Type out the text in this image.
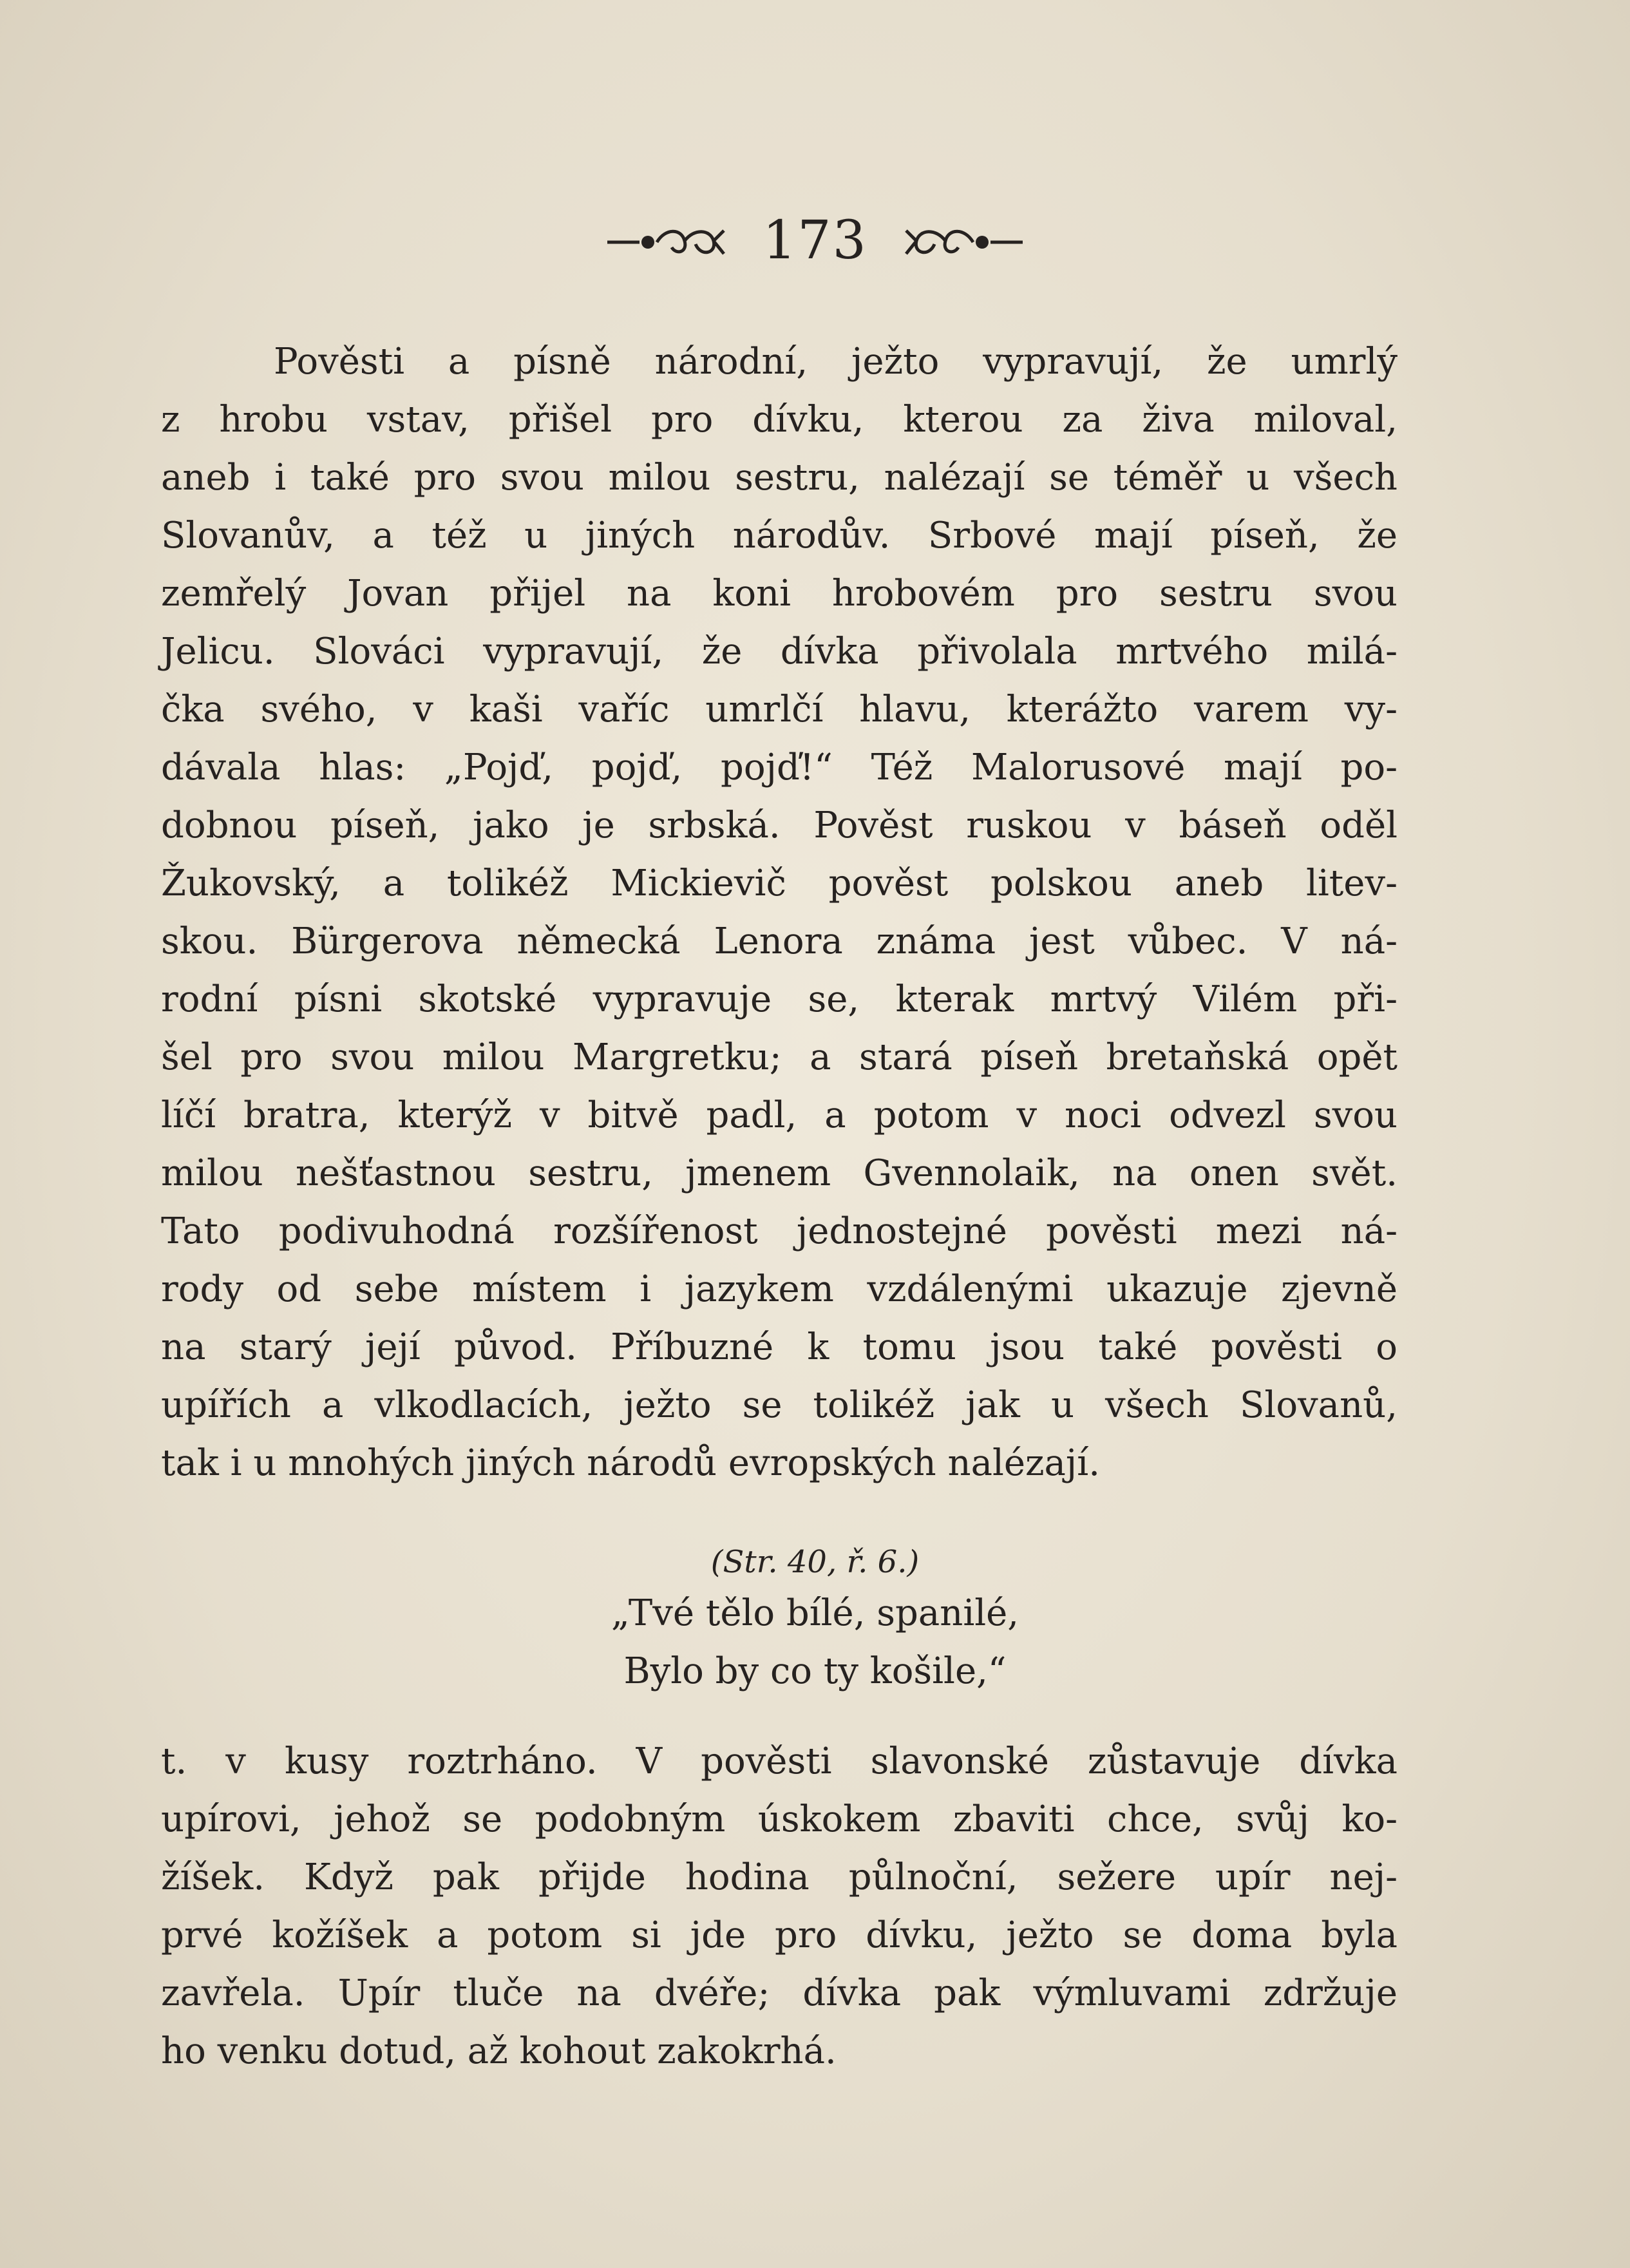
173
Pověsti a písně národní, ježto vypravují, že umrlý
z hrobu vstav, přišel pro dívku, kterou za živa miloval,
aneb i také pro svou milou sestru, nalézají se téměř u všech
Slovanův, a též u jiných národův. Srbové mají píseň, že
zemřelý Jovan přijel na koni hrobovém pro sestru svou
Jelicu. Slováci vypravují, že dívka přivolala mrtvého milá-
čka svého, v kaši vaříc umrlčí hlavu, kterážto varem vy-
dávala hlas: „Pojď, pojď, pojď!“ Též Malorusové mají po-
dobnou píseň, jako je srbská. Pověst ruskou v báseň oděl
Žukovský, a tolikéž Mickievič pověst polskou aneb litev-
skou. Bürgerova německá Lenora známa jest vůbec. V ná-
rodní písni skotské vypravuje se, kterak mrtvý Vilém při-
šel pro svou milou Margretku; a stará píseň bretaňská opět
líčí bratra, kterýž v bitvě padl, a potom v noci odvezl svou
milou nešťastnou sestru, jmenem Gvennolaik, na onen svět.
Tato podivuhodná rozšířenost jednostejné pověsti mezi ná-
rody od sebe místem i jazykem vzdálenými ukazuje zjevně
na starý její původ. Příbuzné k tomu jsou také pověsti o
upířích a vlkodlacích, ježto se tolikéž jak u všech Slovanů,
tak i u mnohých jiných národů evropských nalézají.
(Str. 40, ř. 6.)
„Tvé tělo bílé, spanilé,
Bylo by co ty košile,“
t. v kusy roztrháno. V pověsti slavonské zůstavuje dívka
upírovi, jehož se podobným úskokem zbaviti chce, svůj ko-
žíšek. Když pak přijde hodina půlnoční, sežere upír nej-
prvé kožíšek a potom si jde pro dívku, ježto se doma byla
zavřela. Upír tluče na dvéře; dívka pak výmluvami zdržuje
ho venku dotud, až kohout zakokrhá.
